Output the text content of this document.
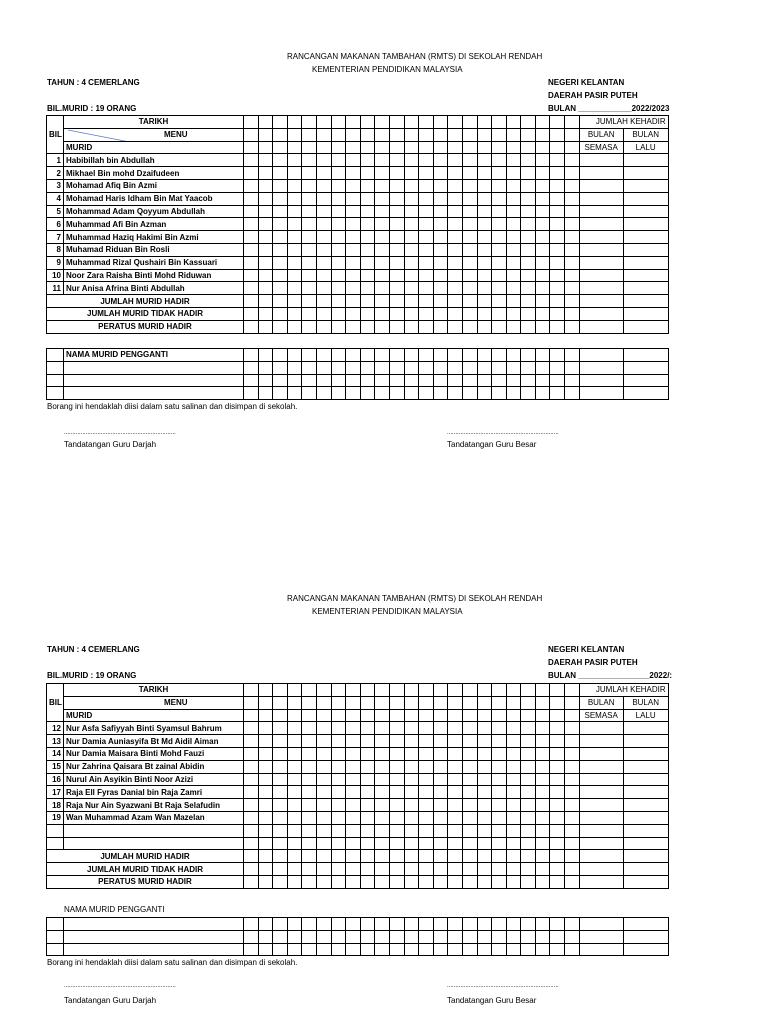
RANCANGAN MAKANAN TAMBAHAN (RMTS) DI SEKOLAH RENDAH
KEMENTERIAN PENDIDIKAN MALAYSIA
TAHUN : 4 CEMERLANG	NEGERI KELANTAN
DAERAH PASIR PUTEH
BIL.MURID : 19 ORANG	BULAN ____________2022/2023
BIL	TARIKH																								JUMLAH KEHADIR	

	MENU																								BULAN	BULAN
	MURID																								SEMASA	LALU
1	Habibillah bin Abdullah																									
2	Mikhael Bin mohd Dzaifudeen																									
3	Mohamad Afiq Bin Azmi																									
4	Mohamad Haris Idham Bin Mat Yaacob																									
5	Mohammad Adam Qoyyum Abdullah																									
6	Muhammad Afi Bin Azman																									
7	Muhammad Haziq Hakimi Bin Azmi																									
8	Muhamad Riduan Bin Rosli																									
9	Muhammad Rizal Qushairi Bin Kassuari																									
10	Noor Zara Raisha Binti Mohd Riduwan																									
11	Nur Anisa Afrina Binti Abdullah																									
JUMLAH MURID HADIR																										
JUMLAH MURID TIDAK HADIR																										
PERATUS MURID HADIR																										
	NAMA MURID PENGGANTI																									

Borang ini hendaklah diisi dalam satu salinan dan disimpan di sekolah.
...................................................................	...................................................................
Tandatangan Guru Darjah	Tandatangan Guru Besar
RANCANGAN MAKANAN TAMBAHAN (RMTS) DI SEKOLAH RENDAH
KEMENTERIAN PENDIDIKAN MALAYSIA
TAHUN : 4 CEMERLANG	NEGERI KELANTAN
DAERAH PASIR PUTEH
BIL.MURID : 19 ORANG	BULAN ________________2022/:
BIL	TARIKH																								JUMLAH KEHADIR	

	MENU																								BULAN	BULAN
	MURID																								SEMASA	LALU
12	Nur Asfa Safiyyah Binti Syamsul Bahrum																									
13	Nur Damia Auniasyifa Bt Md Aidil Aiman																									
14	Nur Damia Maisara Binti Mohd Fauzi																									
15	Nur Zahrina Qaisara Bt zainal Abidin																									
16	Nurul Ain Asyikin Binti Noor Azizi																									
17	Raja Ell Fyras Danial bin Raja Zamri																									
18	Raja Nur Ain Syazwani Bt Raja Selafudin																									
19	Wan Muhammad Azam Wan Mazelan																									

JUMLAH MURID HADIR																										
JUMLAH MURID TIDAK HADIR																										
PERATUS MURID HADIR																										
NAMA MURID PENGGANTI

Borang ini hendaklah diisi dalam satu salinan dan disimpan di sekolah.
...................................................................	...................................................................
Tandatangan Guru Darjah	Tandatangan Guru Besar
